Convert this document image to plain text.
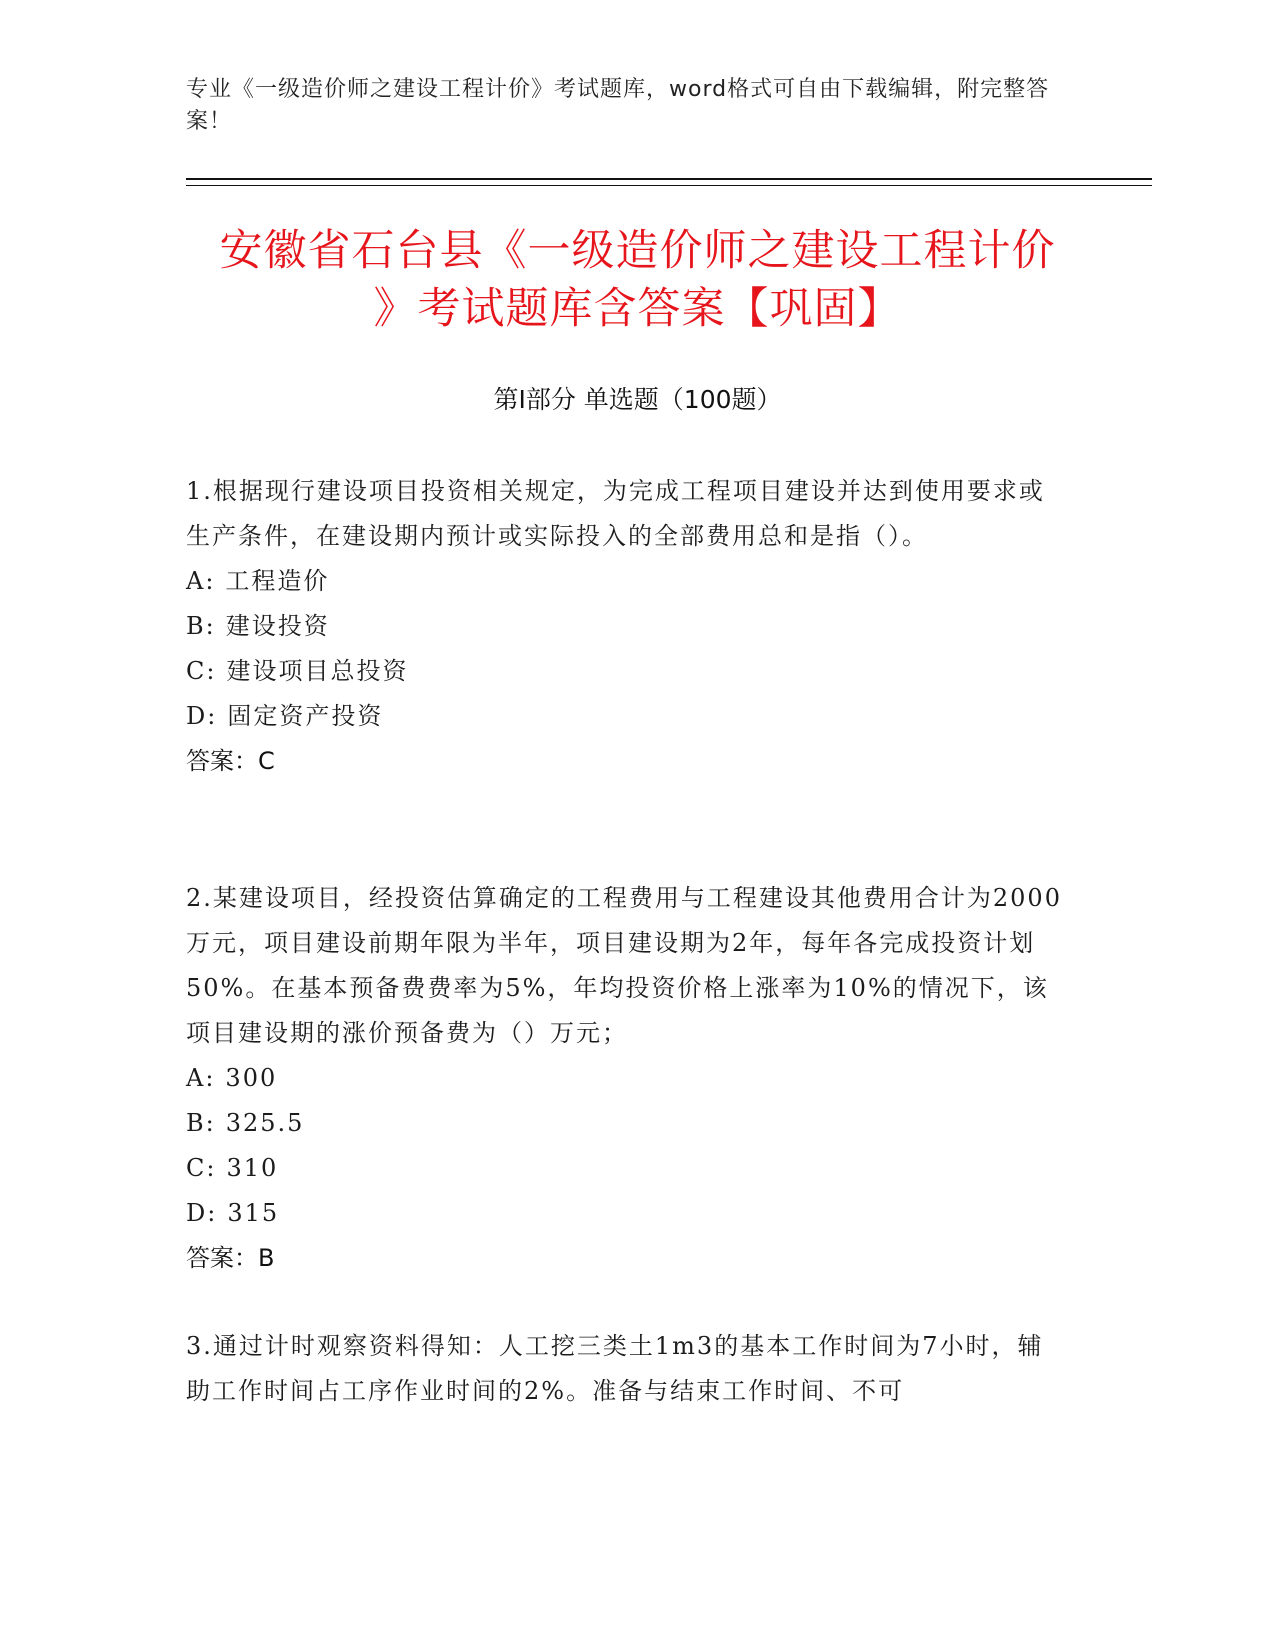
专业《一级造价师之建设工程计价》考试题库，word格式可自由下载编辑，附完整答案！
安徽省石台县《一级造价师之建设工程计价
》考试题库含答案【巩固】
第Ⅰ部分 单选题（100题）
1.根据现行建设项目投资相关规定，为完成工程项目建设并达到使用要求或生产条件，在建设期内预计或实际投入的全部费用总和是指（）。
A: 工程造价
B: 建设投资
C: 建设项目总投资
D: 固定资产投资
答案：C
2.某建设项目，经投资估算确定的工程费用与工程建设其他费用合计为2000万元，项目建设前期年限为半年，项目建设期为2年，每年各完成投资计划50%。在基本预备费费率为5%，年均投资价格上涨率为10%的情况下，该项目建设期的涨价预备费为（）万元；
A: 300
B: 325.5
C: 310
D: 315
答案：B
3.通过计时观察资料得知：人工挖三类土1m3的基本工作时间为7小时，辅助工作时间占工序作业时间的2%。准备与结束工作时间、不可
